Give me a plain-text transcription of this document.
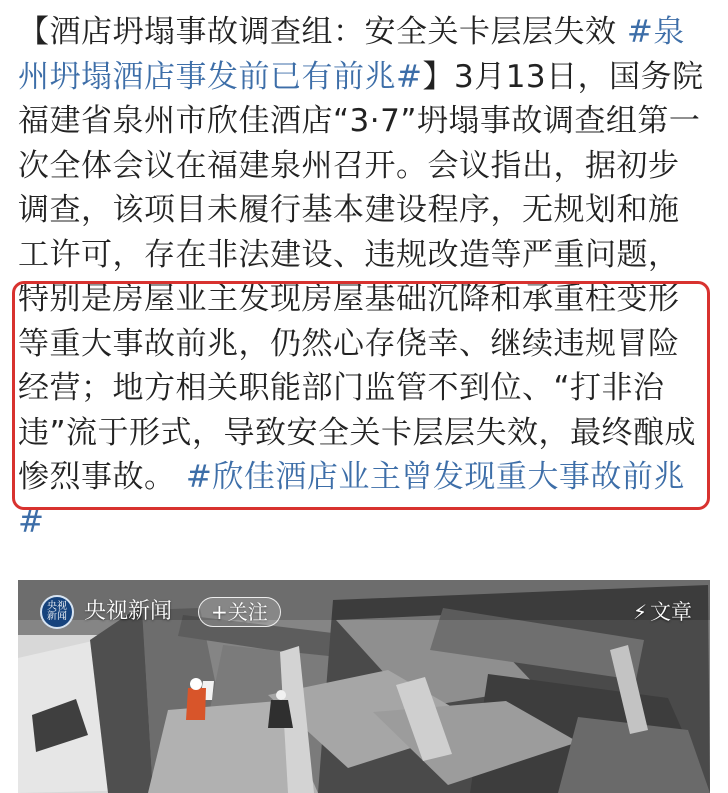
【酒店坍塌事故调查组：安全关卡层层失效 #泉州坍塌酒店事发前已有前兆#】3月13日，国务院福建省泉州市欣佳酒店“3·7”坍塌事故调查组第一次全体会议在福建泉州召开。会议指出，据初步调查，该项目未履行基本建设程序，无规划和施工许可，存在非法建设、违规改造等严重问题，特别是房屋业主发现房屋基础沉降和承重柱变形等重大事故前兆，仍然心存侥幸、继续违规冒险经营；地方相关职能部门监管不到位、“打非治违”流于形式，导致安全关卡层层失效，最终酿成惨烈事故。 #欣佳酒店业主曾发现重大事故前兆#

央视新闻 央视新闻	+关注	⚡ 文章
